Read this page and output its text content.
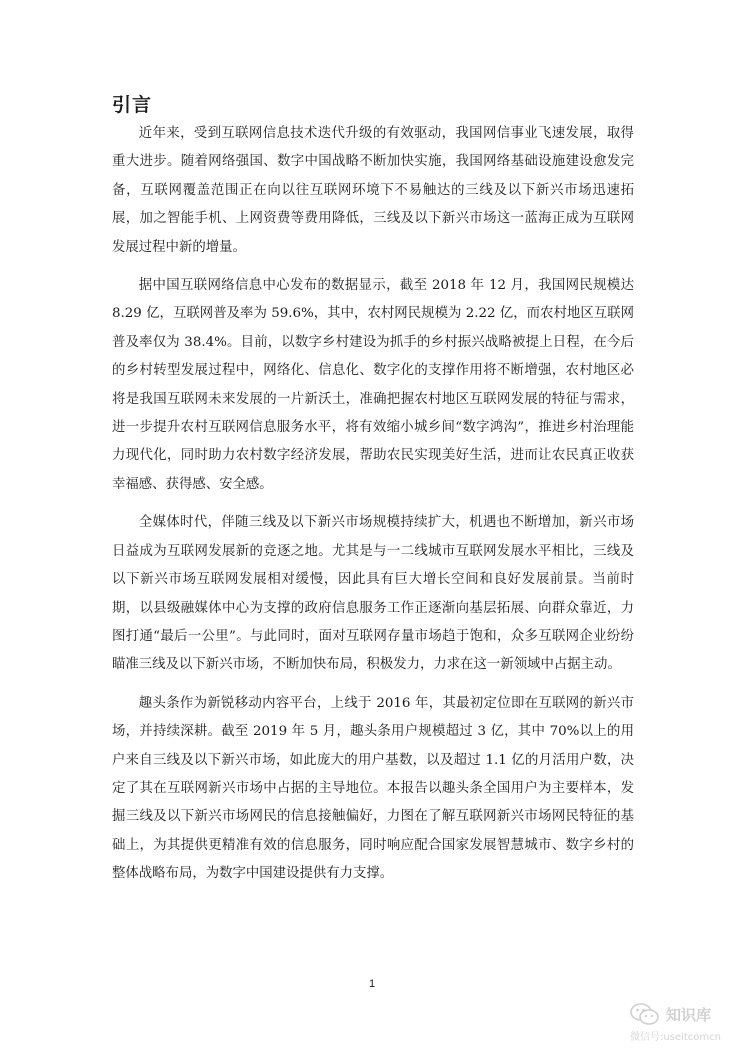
引言

近年来，受到互联网信息技术迭代升级的有效驱动，我国网信事业飞速发展，取得重大进步。随着网络强国、数字中国战略不断加快实施，我国网络基础设施建设愈发完备，互联网覆盖范围正在向以往互联网环境下不易触达的三线及以下新兴市场迅速拓展，加之智能手机、上网资费等费用降低，三线及以下新兴市场这一蓝海正成为互联网发展过程中新的增量。

据中国互联网络信息中心发布的数据显示，截至 2018 年 12 月，我国网民规模达 8.29 亿，互联网普及率为 59.6%，其中，农村网民规模为 2.22 亿，而农村地区互联网普及率仅为 38.4%。目前，以数字乡村建设为抓手的乡村振兴战略被提上日程，在今后的乡村转型发展过程中，网络化、信息化、数字化的支撑作用将不断增强，农村地区必将是我国互联网未来发展的一片新沃土，准确把握农村地区互联网发展的特征与需求，进一步提升农村互联网信息服务水平，将有效缩小城乡间“数字鸿沟”，推进乡村治理能力现代化，同时助力农村数字经济发展，帮助农民实现美好生活，进而让农民真正收获幸福感、获得感、安全感。

全媒体时代，伴随三线及以下新兴市场规模持续扩大，机遇也不断增加，新兴市场日益成为互联网发展新的竞逐之地。尤其是与一二线城市互联网发展水平相比，三线及以下新兴市场互联网发展相对缓慢，因此具有巨大增长空间和良好发展前景。当前时期，以县级融媒体中心为支撑的政府信息服务工作正逐渐向基层拓展、向群众靠近，力图打通“最后一公里”。与此同时，面对互联网存量市场趋于饱和，众多互联网企业纷纷瞄准三线及以下新兴市场，不断加快布局，积极发力，力求在这一新领域中占据主动。

趣头条作为新锐移动内容平台，上线于 2016 年，其最初定位即在互联网的新兴市场，并持续深耕。截至 2019 年 5 月，趣头条用户规模超过 3 亿，其中 70%以上的用户来自三线及以下新兴市场，如此庞大的用户基数，以及超过 1.1 亿的月活用户数，决定了其在互联网新兴市场中占据的主导地位。本报告以趣头条全国用户为主要样本，发掘三线及以下新兴市场网民的信息接触偏好，力图在了解互联网新兴市场网民特征的基础上，为其提供更精准有效的信息服务，同时响应配合国家发展智慧城市、数字乡村的整体战略布局，为数字中国建设提供有力支撑。

1
知识库
微信号:useitcomcn
